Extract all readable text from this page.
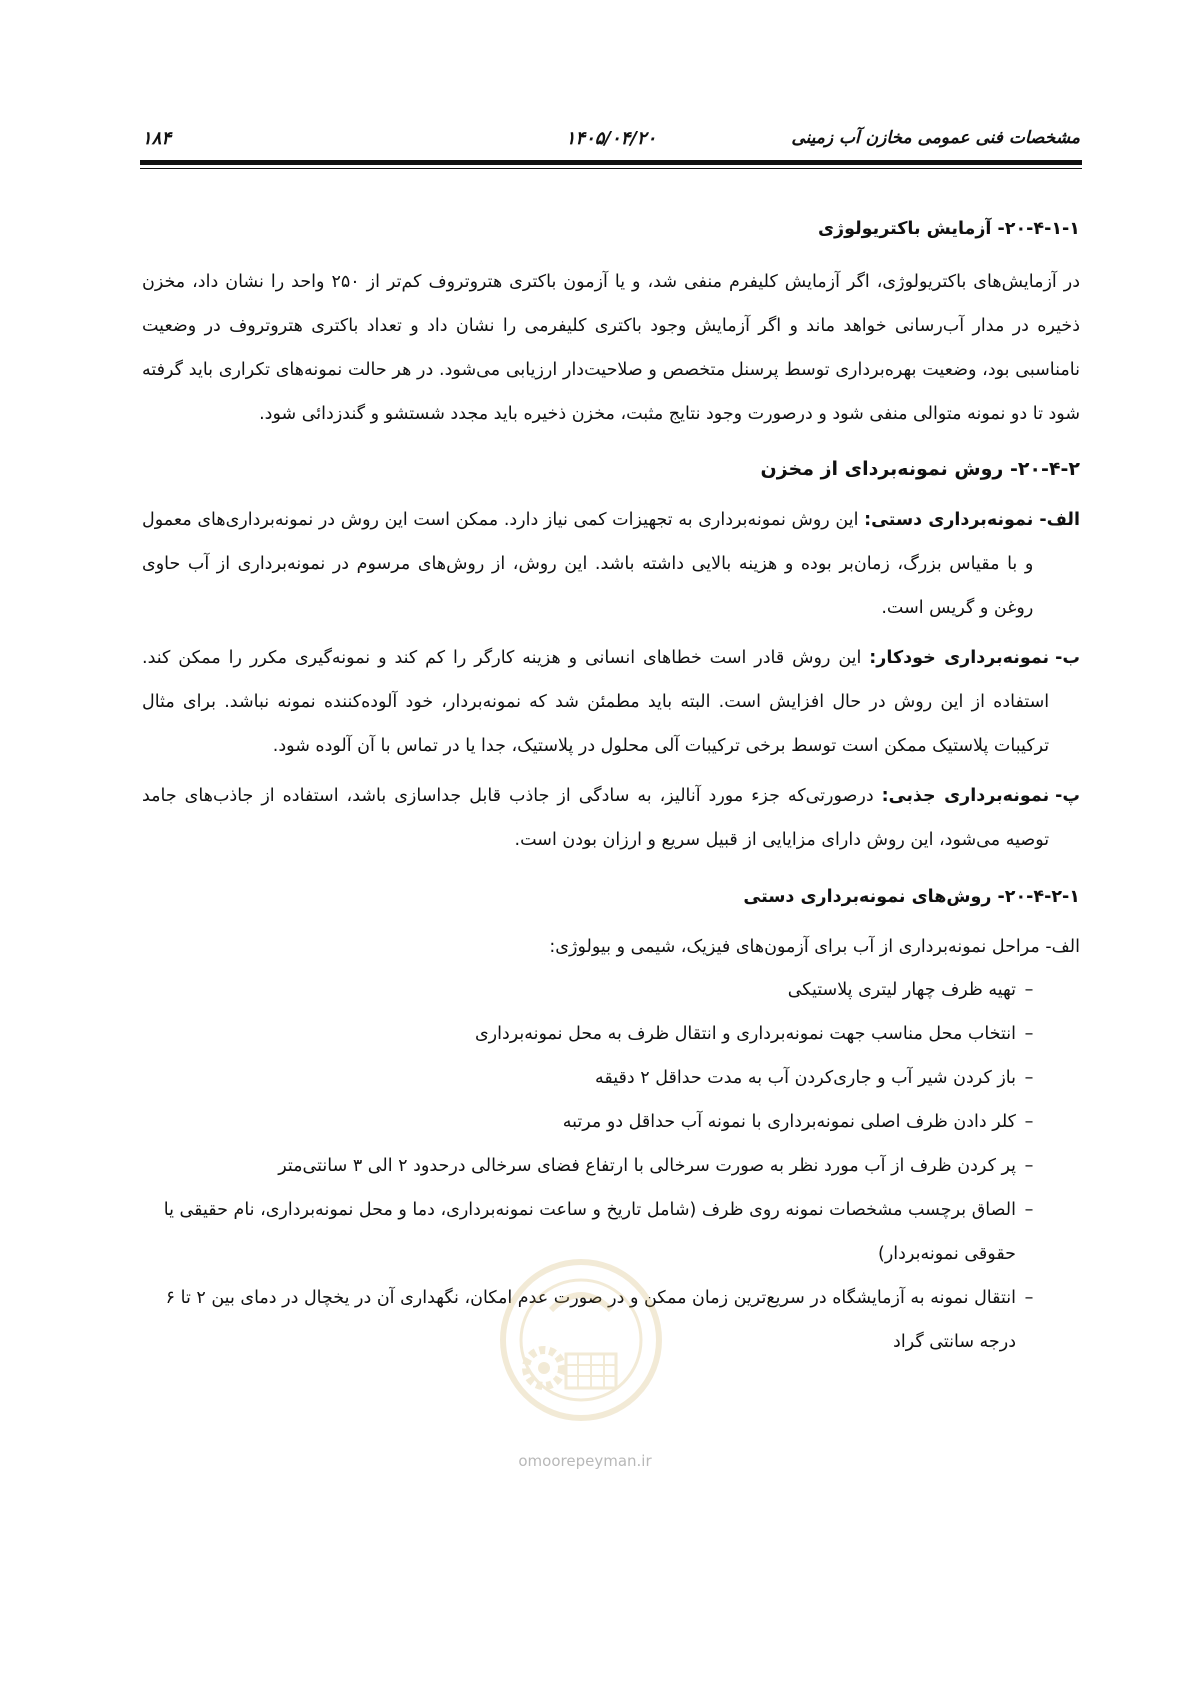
۱۸۴	۱۴۰۵/۰۴/۲۰	مشخصات فنی عمومی مخازن آب زمینی
۲۰-۴-۱-۱- آزمایش باکتریولوژی

در آزمایش‌های باکتریولوژی، اگر آزمایش کلیفرم منفی شد، و یا آزمون باکتری هتروتروف کم‌تر از ۲۵۰ واحد را نشان داد، مخزن ذخیره در مدار آب‌رسانی خواهد ماند و اگر آزمایش وجود باکتری کلیفرمی را نشان داد و تعداد باکتری هتروتروف در وضعیت نامناسبی بود، وضعیت بهره‌برداری توسط پرسنل متخصص و صلاحیت‌دار ارزیابی می‌شود. در هر حالت نمونه‌های تکراری باید گرفته شود تا دو نمونه متوالی منفی شود و درصورت وجود نتایج مثبت، مخزن ذخیره باید مجدد شستشو و گندزدائی شود.

۲۰-۴-۲- روش نمونه‌بردای از مخزن
الف-
نمونه‌برداری دستی: این روش نمونه‌برداری به تجهیزات کمی نیاز دارد. ممکن است این روش در نمونه‌برداری‌های معمول و با مقیاس بزرگ، زمان‌بر بوده و هزینه بالایی داشته باشد. این روش، از روش‌های مرسوم در نمونه‌برداری از آب حاوی روغن و گریس است.
ب-
نمونه‌برداری خودکار: این روش قادر است خطاهای انسانی و هزینه کارگر را کم کند و نمونه‌گیری مکرر را ممکن کند. استفاده از این روش در حال افزایش است. البته باید مطمئن شد که نمونه‌بردار، خود آلوده‌کننده نمونه نباشد. برای مثال ترکیبات پلاستیک ممکن است توسط برخی ترکیبات آلی محلول در پلاستیک، جدا یا در تماس با آن آلوده شود.
پ-
نمونه‌برداری جذبی: درصورتی‌که جزء مورد آنالیز، به سادگی از جاذب قابل جداسازی باشد، استفاده از جاذب‌های جامد توصیه می‌شود، این روش دارای مزایایی از قبیل سریع و ارزان بودن است.
۲۰-۴-۲-۱- روش‌های نمونه‌برداری دستی

الف- مراحل نمونه‌برداری از آب برای آزمون‌های فیزیک، شیمی و بیولوژی:

–
تهیه ظرف چهار لیتری پلاستیکی
–
انتخاب محل مناسب جهت نمونه‌برداری و انتقال ظرف به محل نمونه‌برداری
–
باز کردن شیر آب و جاری‌کردن آب به مدت حداقل ۲ دقیقه
–
کلر دادن ظرف اصلی نمونه‌برداری با نمونه آب حداقل دو مرتبه
–
پر کردن ظرف از آب مورد نظر به صورت سرخالی با ارتفاع فضای سرخالی درحدود ۲ الی ۳ سانتی‌متر
–
الصاق برچسب مشخصات نمونه روی ظرف (شامل تاریخ و ساعت نمونه‌برداری، دما و محل نمونه‌برداری، نام حقیقی یا حقوقی نمونه‌بردار)
–
انتقال نمونه به آزمایشگاه در سریع‌ترین زمان ممکن و در صورت عدم امکان، نگهداری آن در یخچال در دمای بین ۲ تا ۶ درجه سانتی گراد
omoorepeyman.ir
